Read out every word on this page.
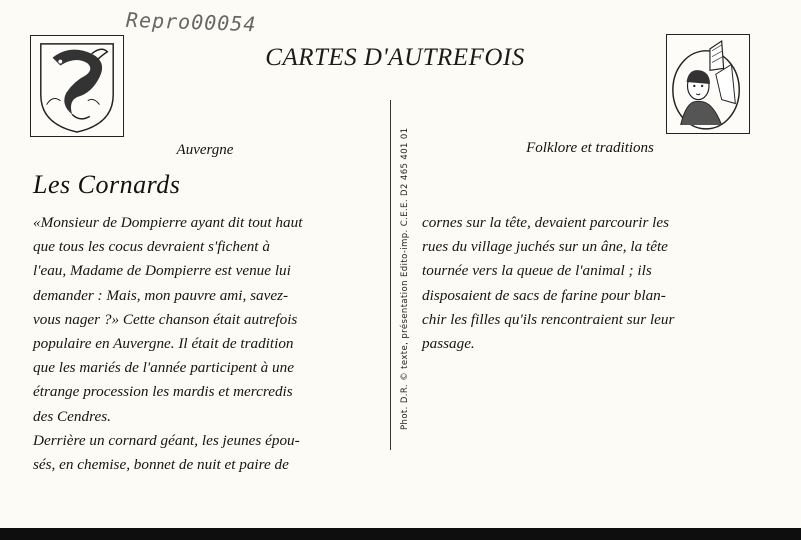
Repro00054
CARTES D'AUTREFOIS
Auvergne	Folklore et traditions
Les Cornards
«Monsieur de Dompierre ayant dit tout haut
que tous les cocus devraient s'fichent à
l'eau, Madame de Dompierre est venue lui
demander : Mais, mon pauvre ami, savez-
vous nager ?» Cette chanson était autrefois
populaire en Auvergne. Il était de tradition
que les mariés de l'année participent à une
étrange procession les mardis et mercredis
des Cendres.
Derrière un cornard géant, les jeunes épou-
sés, en chemise, bonnet de nuit et paire de
Phot. D.R. © texte, présentation Edito-imp. C.E.E. D2 465 401 01 cornes sur la tête, devaient parcourir les
rues du village juchés sur un âne, la tête
tournée vers la queue de l'animal ; ils
disposaient de sacs de farine pour blan-
chir les filles qu'ils rencontraient sur leur
passage.
